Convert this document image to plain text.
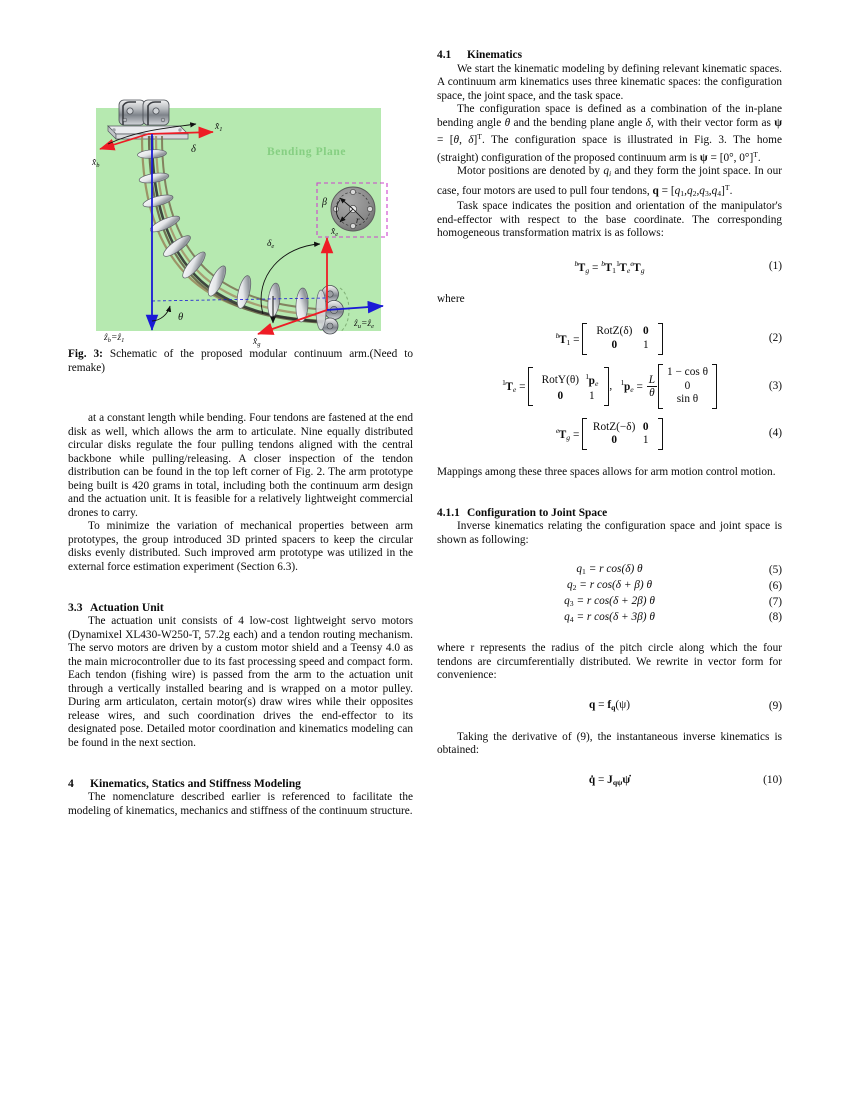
Bending Plane
$x̂_b$
$x̂_1$
δ
$ẑ_b=ẑ_1$
θ
$x̂_e$
$x̂_g$
$ẑ_u=ẑ_e$
$\delta_e$
β
r
Fig. 3: Schematic of the proposed modular continuum arm.(Need to remake)

at a constant length while bending. Four tendons are fastened at the end disk as well, which allows the arm to articulate. Nine equally distributed circular disks regulate the four pulling tendons aligned with the central backbone while pulling/releasing. A closer inspection of the tendon distribution can be found in the top left corner of Fig. 2. The arm prototype being built is 420 grams in total, including both the continuum arm design and the actuation unit. It is feasible for a relatively lightweight commercial drones to carry.

To minimize the variation of mechanical properties between arm prototypes, the group introduced 3D printed spacers to keep the circular disks evenly distributed. Such improved arm prototype was utilized in the external force estimation experiment (Section 6.3).

3.3 Actuation Unit

The actuation unit consists of 4 low-cost lightweight servo motors (Dynamixel XL430-W250-T, 57.2g each) and a tendon routing mechanism. The servo motors are driven by a custom motor shield and a Teensy 4.0 as the main microcontroller due to its fast processing speed and compact form. Each tendon (fishing wire) is passed from the arm to the actuation unit through a vertically installed bearing and is wrapped on a motor pulley. During arm articulaton, certain motor(s) draw wires while their opposites release wires, and such coordination drives the end-effector to its designated pose. Detailed motor coordination and kinematics modeling can be found in the next section.

4 Kinematics, Statics and Stiffness Modeling

The nomenclature described earlier is referenced to facilitate the modeling of kinematics, mechanics and stiffness of the continuum structure.

4.1 Kinematics

We start the kinematic modeling by defining relevant kinematic spaces. A continuum arm kinematics uses three kinematic spaces: the configuration space, the joint space, and the task space.

The configuration space is defined as a combination of the in-plane bending angle θ and the bending plane angle δ, with their vector form as ψ = [θ, δ]$^T$. The configuration space is illustrated in Fig. 3. The home (straight) configuration of the proposed continuum arm is ψ = [0°, 0°]$^T$.

Motor positions are denoted by $q_i$ and they form the joint space. In our case, four motors are used to pull four tendons, $q = [q_1,q_2,q_3,q_4]^T$.

Task space indicates the position and orientation of the manipulator's end-effector with respect to the base coordinate. The corresponding homogeneous transformation matrix is as follows:

$^bT_g = ^bT_1^1T_e^eT_g$	(1)

where

$^bT_1$ =
RotZ(δ) 0
0 1
(2)
$^1T_e$ =
RotY(θ) $^1p_e$
0 1
,
$^1p_e = \frac{L}{\theta}$
1 − cos θ
0
sin θ
(3)
$^eT_g$ =
RotZ(−δ) 0
0 1
(4)

Mappings among these three spaces allows for arm motion control motion.

4.1.1 Configuration to Joint Space

Inverse kinematics relating the configuration space and joint space is shown as following:

$q_1 = r$ cos(δ) θ	(5)
$q_2 = r$ cos(δ + β) θ	(6)
$q_3 = r$ cos(δ + 2β) θ	(7)
$q_4 = r$ cos(δ + 3β) θ	(8)

where r represents the radius of the pitch circle along which the four tendons are circumferentially distributed. We rewrite in vector form for convenience:

$q = f_q(\psi)$	(9)

Taking the derivative of (9), the instantaneous inverse kinematics is obtained:

q̇ = $J_{q\psi}\psi̇$	(10)
